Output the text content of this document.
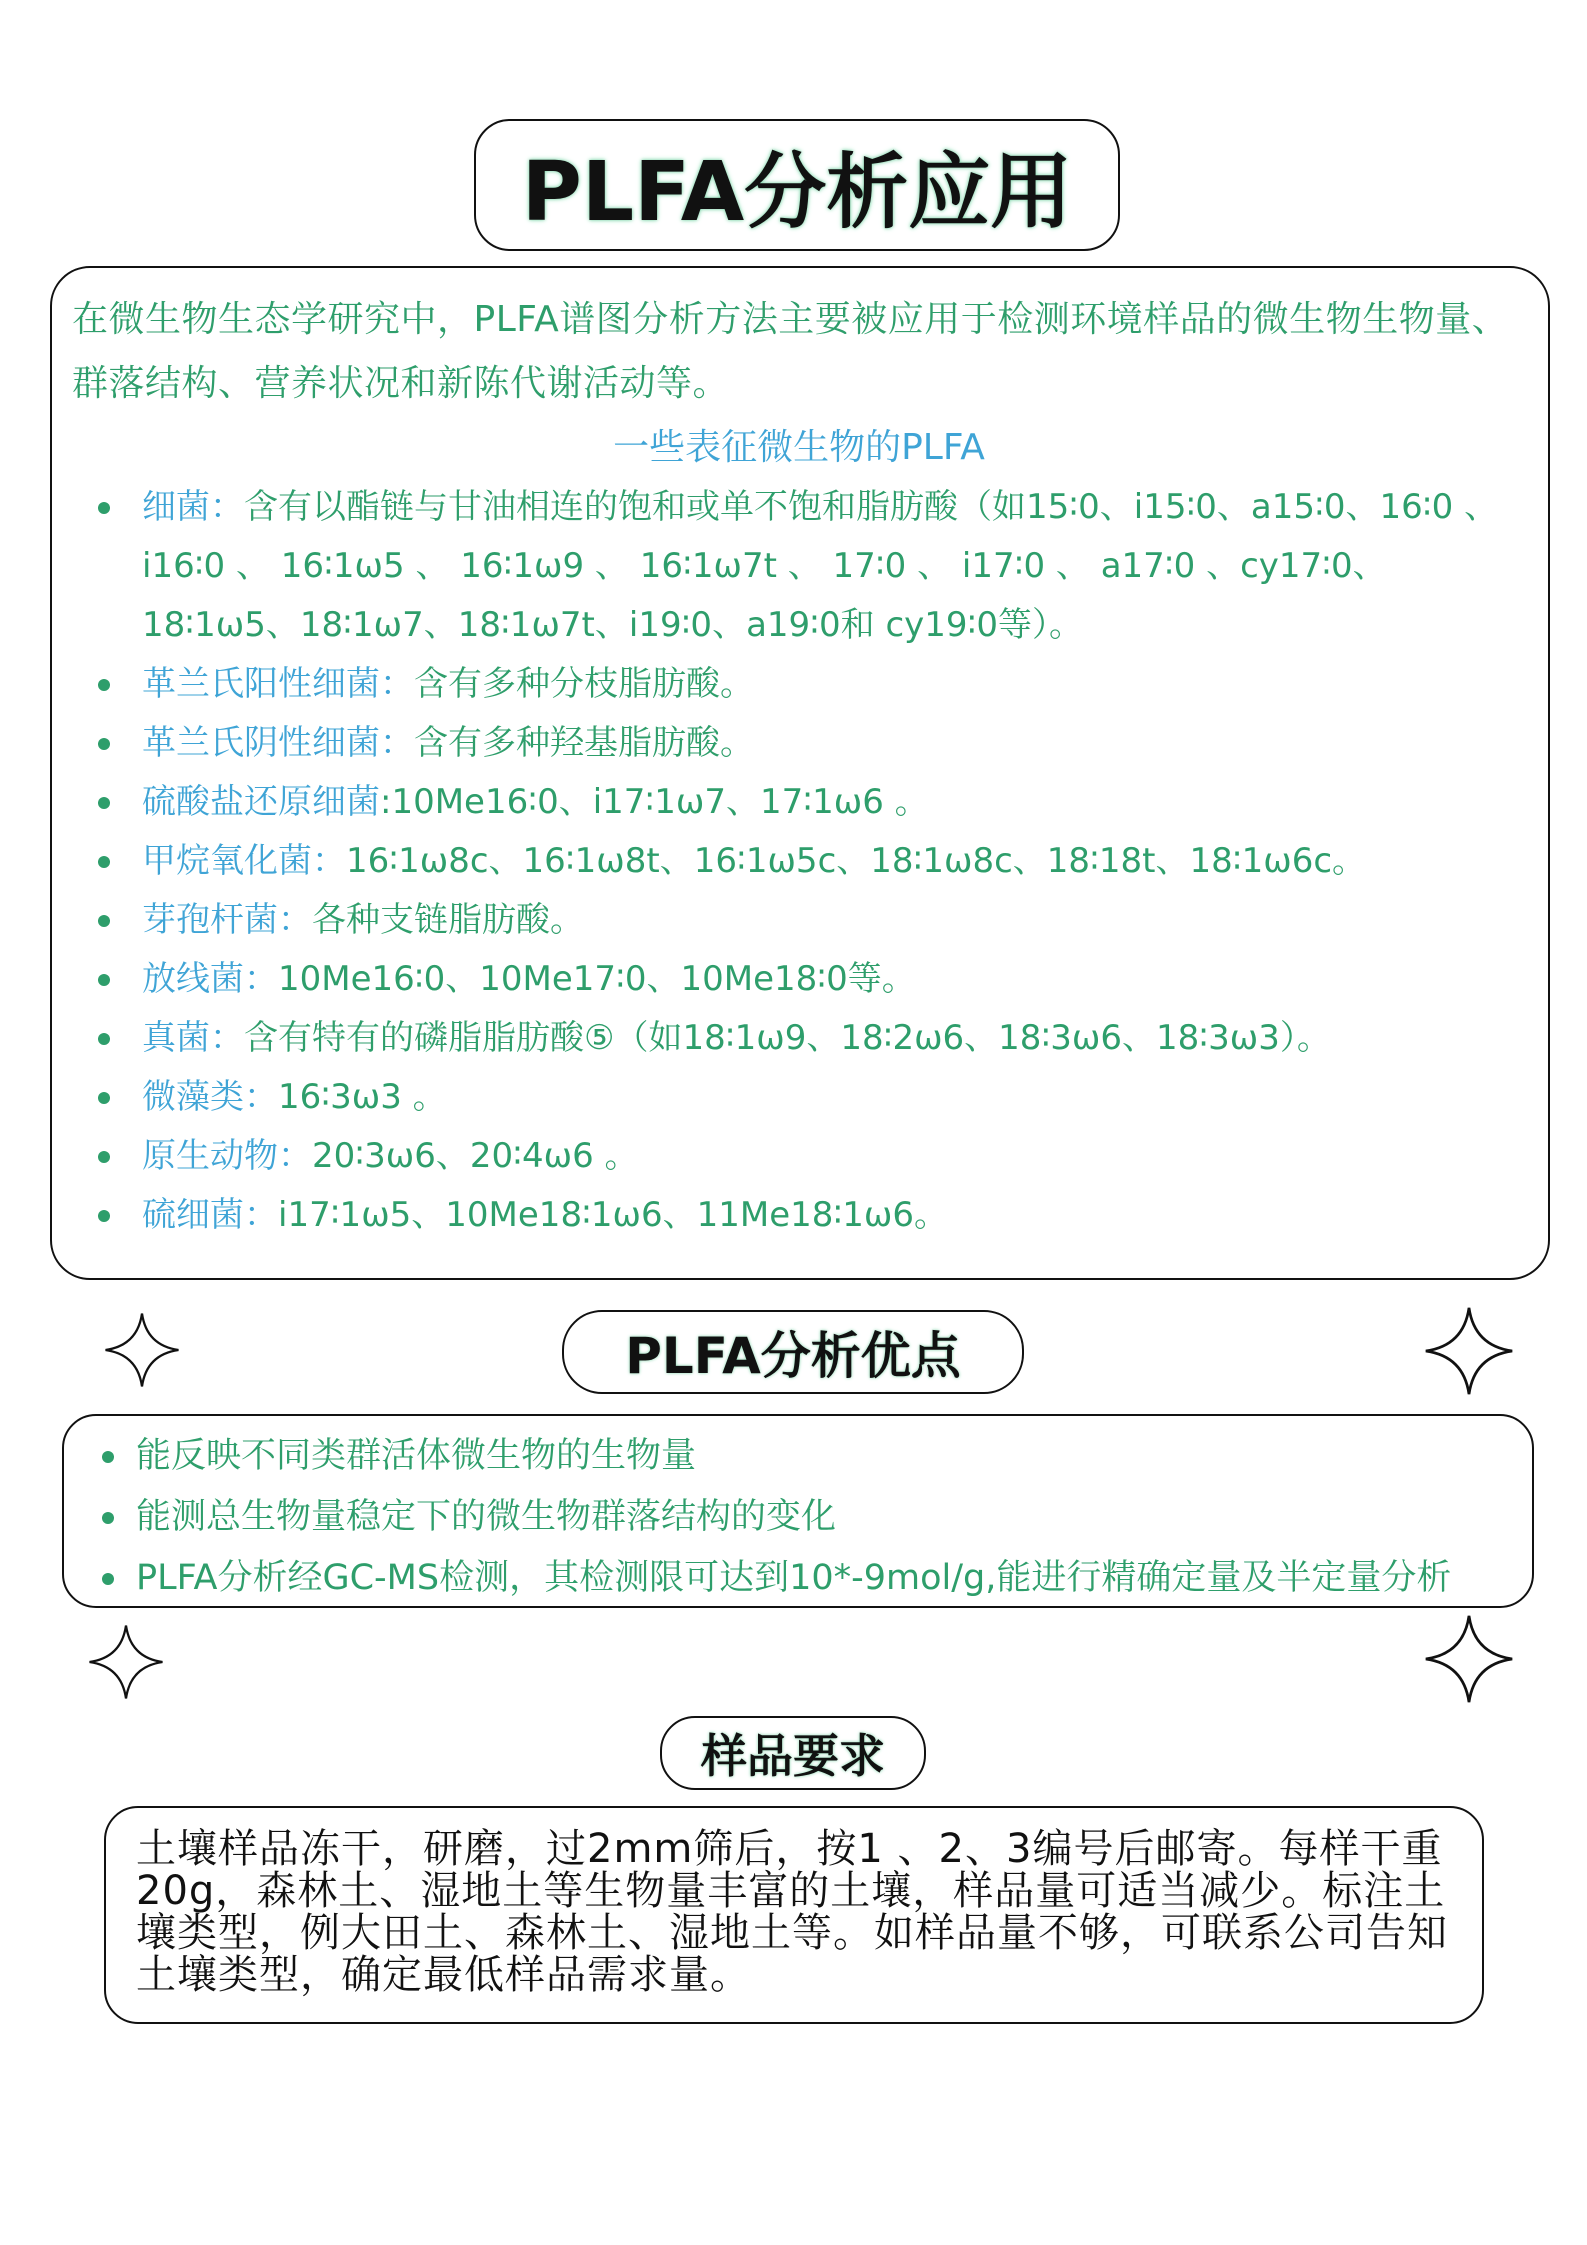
PLFA分析应用
在微生物生态学研究中，PLFA谱图分析方法主要被应用于检测环境样品的微生物生物量、群落结构、营养状况和新陈代谢活动等。
一些表征微生物的PLFA
细菌：含有以酯链与甘油相连的饱和或单不饱和脂肪酸（如15∶0、i15∶0、a15∶0、16∶0 、 i16∶0 、 16∶1ω5 、 16∶1ω9 、 16∶1ω7t 、 17∶0 、 i17∶0 、 a17∶0 、cy17∶0、18∶1ω5、18∶1ω7、18∶1ω7t、i19∶0、a19∶0和 cy19∶0等）。
革兰氏阳性细菌：含有多种分枝脂肪酸。
革兰氏阴性细菌：含有多种羟基脂肪酸。
硫酸盐还原细菌:10Me16∶0、i17∶1ω7、17∶1ω6 。
甲烷氧化菌：16∶1ω8c、16∶1ω8t、16∶1ω5c、18∶1ω8c、18∶18t、18∶1ω6c。
芽孢杆菌：各种支链脂肪酸。
放线菌：10Me16∶0、10Me17∶0、10Me18∶0等。
真菌：含有特有的磷脂脂肪酸⑤（如18∶1ω9、18∶2ω6、18∶3ω6、18∶3ω3）。
微藻类：16∶3ω3 。
原生动物：20∶3ω6、20∶4ω6 。
硫细菌：i17∶1ω5、10Me18∶1ω6、11Me18∶1ω6。
PLFA分析优点
能反映不同类群活体微生物的生物量
能测总生物量稳定下的微生物群落结构的变化
PLFA分析经GC-MS检测，其检测限可达到10*-9mol/g,能进行精确定量及半定量分析
样品要求
土壤样品冻干，研磨，过2mm筛后，按1 、2、3编号后邮寄。每样干重20g，森林土、湿地土等生物量丰富的土壤，样品量可适当减少。标注土壤类型，例大田土、森林土、湿地土等。如样品量不够，可联系公司告知土壤类型，确定最低样品需求量。
